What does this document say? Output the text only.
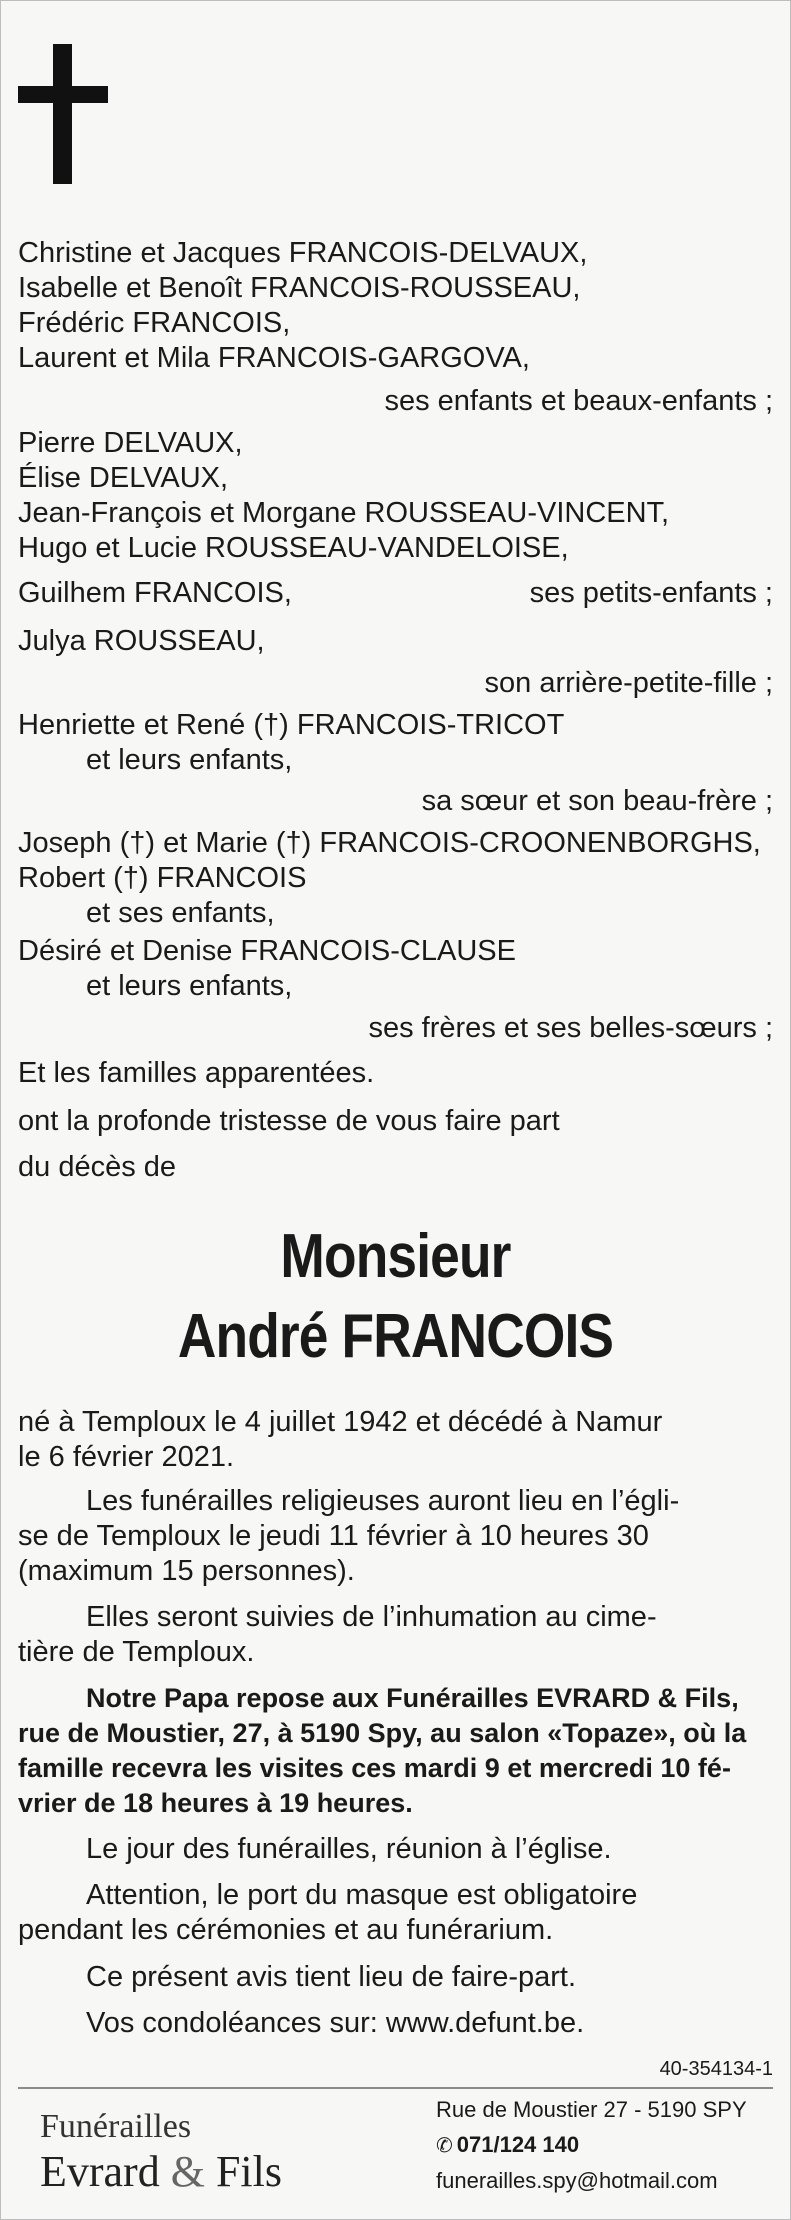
Christine et Jacques FRANCOIS-DELVAUX,
Isabelle et Benoît FRANCOIS-ROUSSEAU,
Frédéric FRANCOIS,
Laurent et Mila FRANCOIS-GARGOVA,
ses enfants et beaux-enfants ;
Pierre DELVAUX,
Élise DELVAUX,
Jean-François et Morgane ROUSSEAU-VINCENT,
Hugo et Lucie ROUSSEAU-VANDELOISE,
Guilhem FRANCOIS,	ses petits-enfants ;
Julya ROUSSEAU,
son arrière-petite-fille ;
Henriette et René (†) FRANCOIS-TRICOT
et leurs enfants,
sa sœur et son beau-frère ;
Joseph (†) et Marie (†) FRANCOIS-CROONENBORGHS,
Robert (†) FRANCOIS
et ses enfants,
Désiré et Denise FRANCOIS-CLAUSE
et leurs enfants,
ses frères et ses belles-sœurs ;
Et les familles apparentées.
ont la profonde tristesse de vous faire part
du décès de
Monsieur
André FRANCOIS
né à Temploux le 4 juillet 1942 et décédé à Namur
le 6 février 2021.
Les funérailles religieuses auront lieu en l’égli-
se de Temploux le jeudi 11 février à 10 heures 30
(maximum 15 personnes).
Elles seront suivies de l’inhumation au cime-
tière de Temploux.
Notre Papa repose aux Funérailles EVRARD & Fils,
rue de Moustier, 27, à 5190 Spy, au salon «Topaze», où la
famille recevra les visites ces mardi 9 et mercredi 10 fé-
vrier de 18 heures à 19 heures.
Le jour des funérailles, réunion à l’église.
Attention, le port du masque est obligatoire
pendant les cérémonies et au funérarium.
Ce présent avis tient lieu de faire-part.
Vos condoléances sur: www.defunt.be.
40-354134-1
Funérailles
Evrard & Fils
Rue de Moustier 27 - 5190 SPY
✆ 071/124 140
funerailles.spy@hotmail.com
